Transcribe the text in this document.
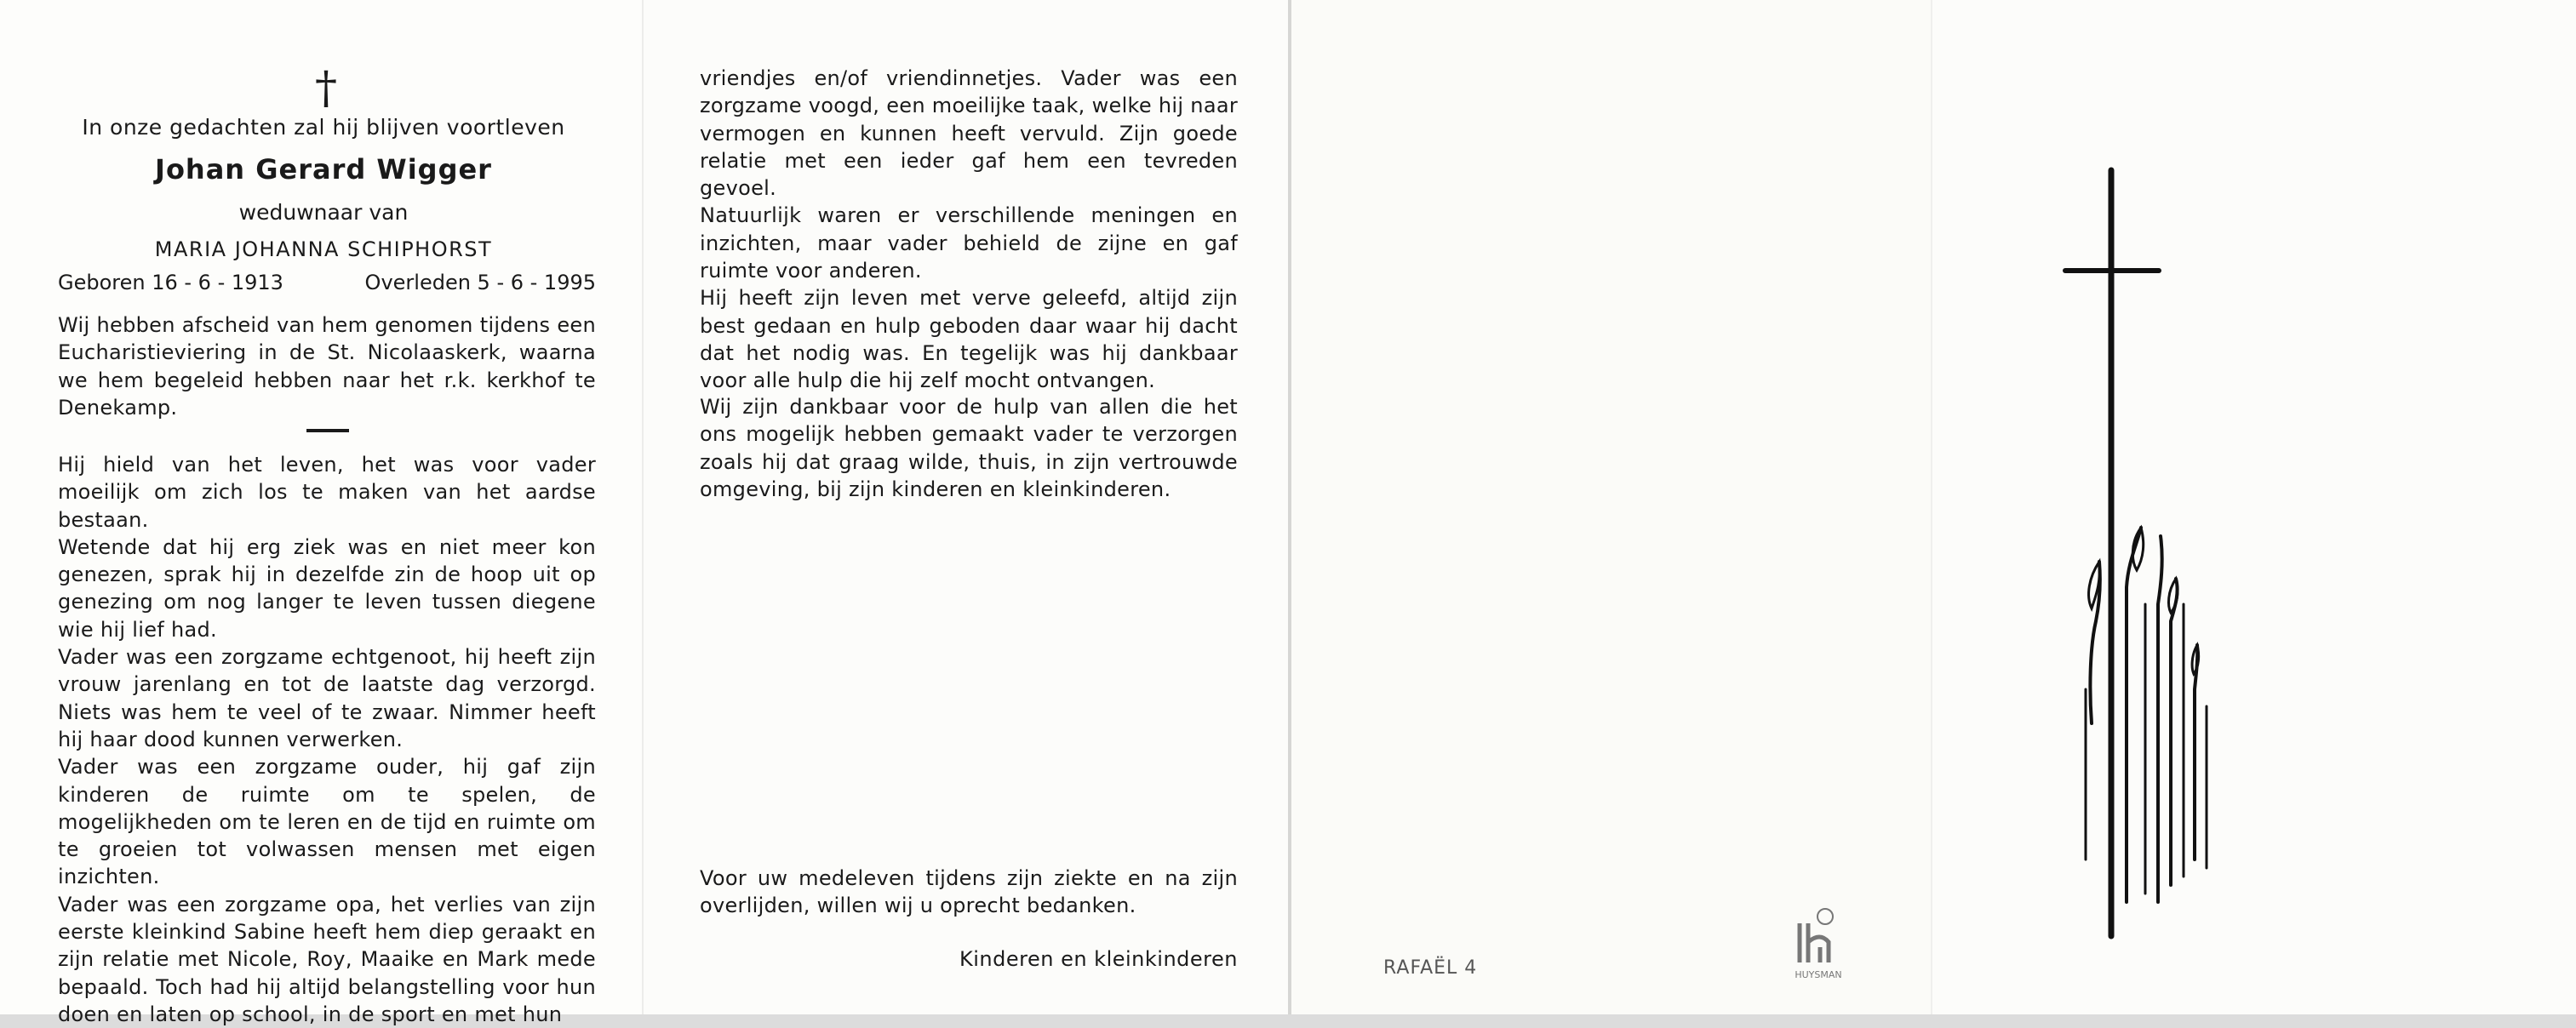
†
In onze gedachten zal hij blijven voortleven
Johan Gerard Wigger
weduwnaar van
MARIA JOHANNA SCHIPHORST
Geboren 16 - 6 - 1913	Overleden 5 - 6 - 1995

Wij hebben afscheid van hem genomen tijdens een Eucharistieviering in de St. Nicolaaskerk, waarna we hem begeleid hebben naar het r.k. kerkhof te Denekamp.

Hij hield van het leven, het was voor vader moeilijk om zich los te maken van het aardse bestaan.

Wetende dat hij erg ziek was en niet meer kon genezen, sprak hij in dezelfde zin de hoop uit op genezing om nog langer te leven tussen diegene wie hij lief had.

Vader was een zorgzame echtgenoot, hij heeft zijn vrouw jarenlang en tot de laatste dag verzorgd. Niets was hem te veel of te zwaar. Nimmer heeft hij haar dood kunnen verwerken.

Vader was een zorgzame ouder, hij gaf zijn kinderen de ruimte om te spelen, de mogelijkheden om te leren en de tijd en ruimte om te groeien tot volwassen mensen met eigen inzichten.

Vader was een zorgzame opa, het verlies van zijn eerste kleinkind Sabine heeft hem diep geraakt en zijn relatie met Nicole, Roy, Maaike en Mark mede bepaald. Toch had hij altijd belangstelling voor hun doen en laten op school, in de sport en met hun

vriendjes en/of vriendinnetjes. Vader was een zorgzame voogd, een moeilijke taak, welke hij naar vermogen en kunnen heeft vervuld. Zijn goede relatie met een ieder gaf hem een tevreden gevoel.

Natuurlijk waren er verschillende meningen en inzichten, maar vader behield de zijne en gaf ruimte voor anderen.

Hij heeft zijn leven met verve geleefd, altijd zijn best gedaan en hulp geboden daar waar hij dacht dat het nodig was. En tegelijk was hij dankbaar voor alle hulp die hij zelf mocht ontvangen.

Wij zijn dankbaar voor de hulp van allen die het ons mogelijk hebben gemaakt vader te verzorgen zoals hij dat graag wilde, thuis, in zijn vertrouwde omgeving, bij zijn kinderen en kleinkinderen.

Voor uw medeleven tijdens zijn ziekte en na zijn overlijden, willen wij u oprecht bedanken.

Kinderen en kleinkinderen	RAFAËL 4	HUYSMAN
